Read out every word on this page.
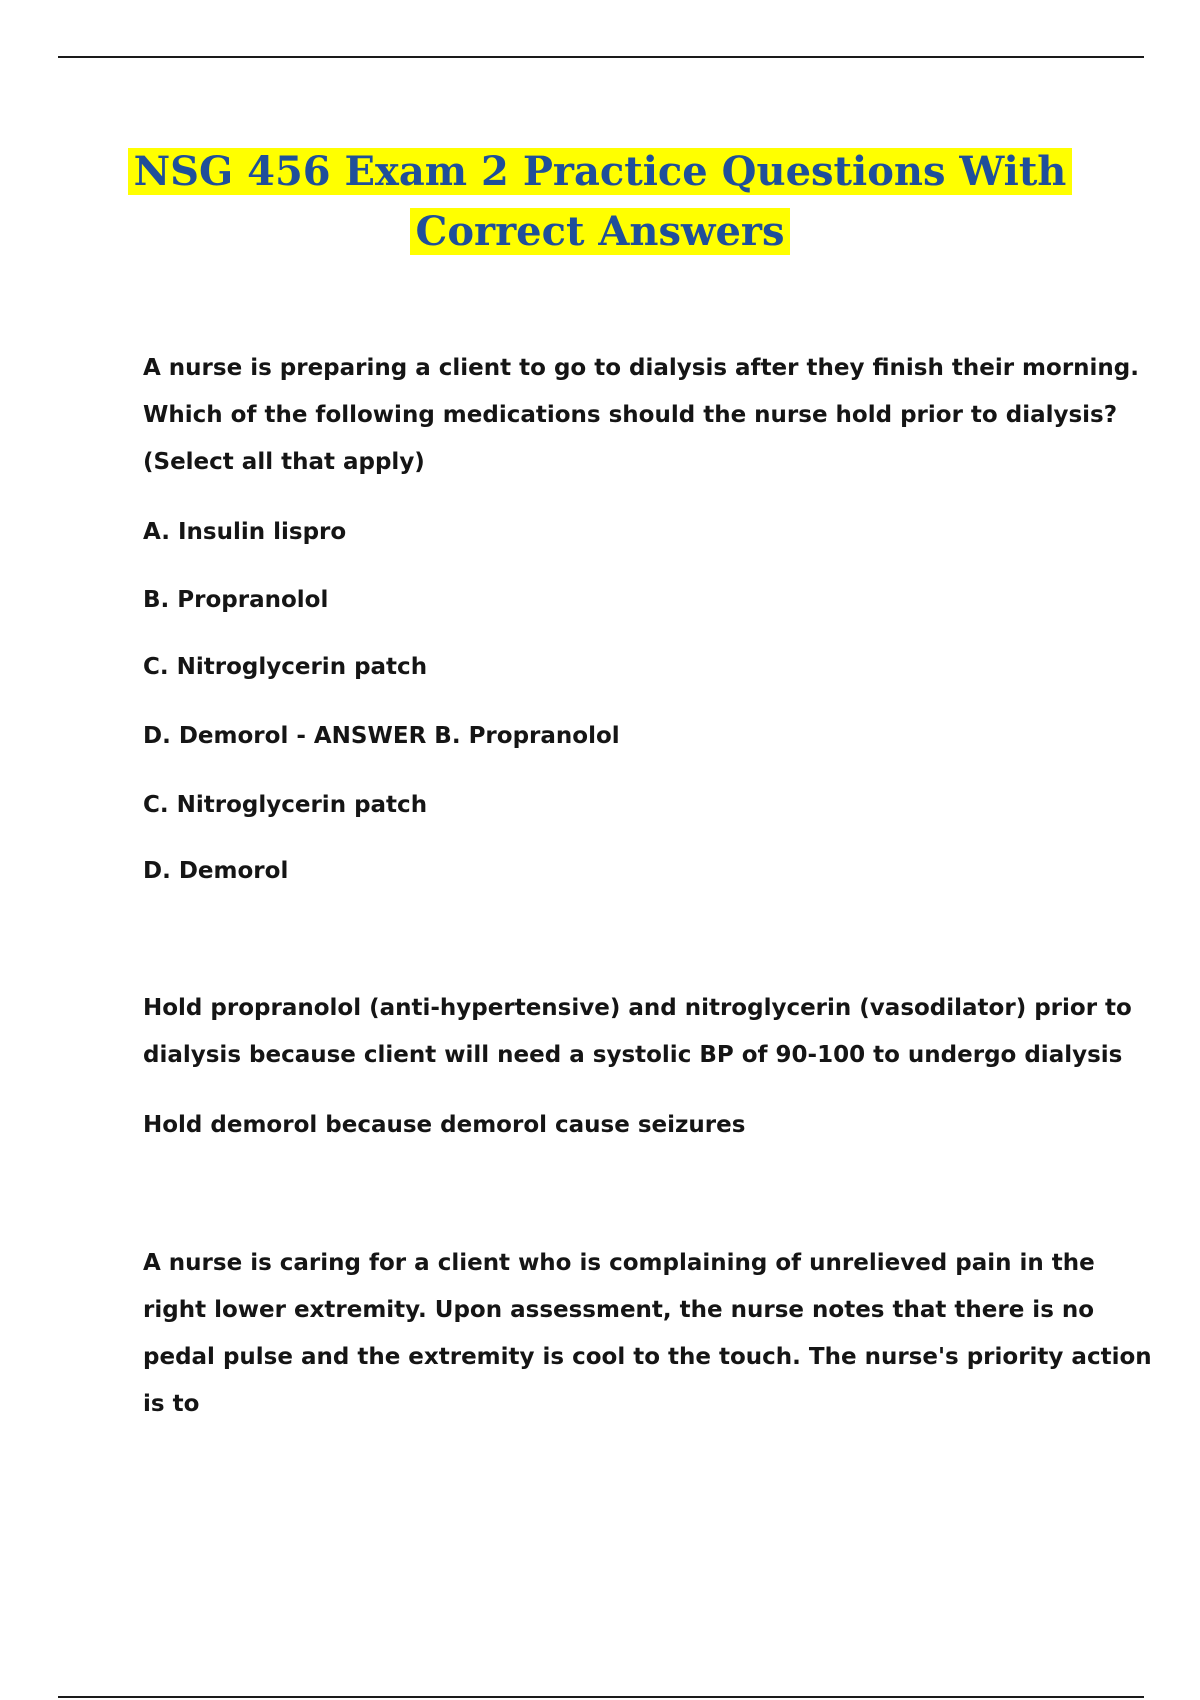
NSG 456 Exam 2 Practice Questions With
Correct Answers
A nurse is preparing a client to go to dialysis after they finish their morning.
Which of the following medications should the nurse hold prior to dialysis?
(Select all that apply)
A. Insulin lispro
B. Propranolol
C. Nitroglycerin patch
D. Demorol - ANSWER B. Propranolol
C. Nitroglycerin patch
D. Demorol
Hold propranolol (anti-hypertensive) and nitroglycerin (vasodilator) prior to
dialysis because client will need a systolic BP of 90-100 to undergo dialysis
Hold demorol because demorol cause seizures
A nurse is caring for a client who is complaining of unrelieved pain in the
right lower extremity. Upon assessment, the nurse notes that there is no
pedal pulse and the extremity is cool to the touch. The nurse's priority action
is to
